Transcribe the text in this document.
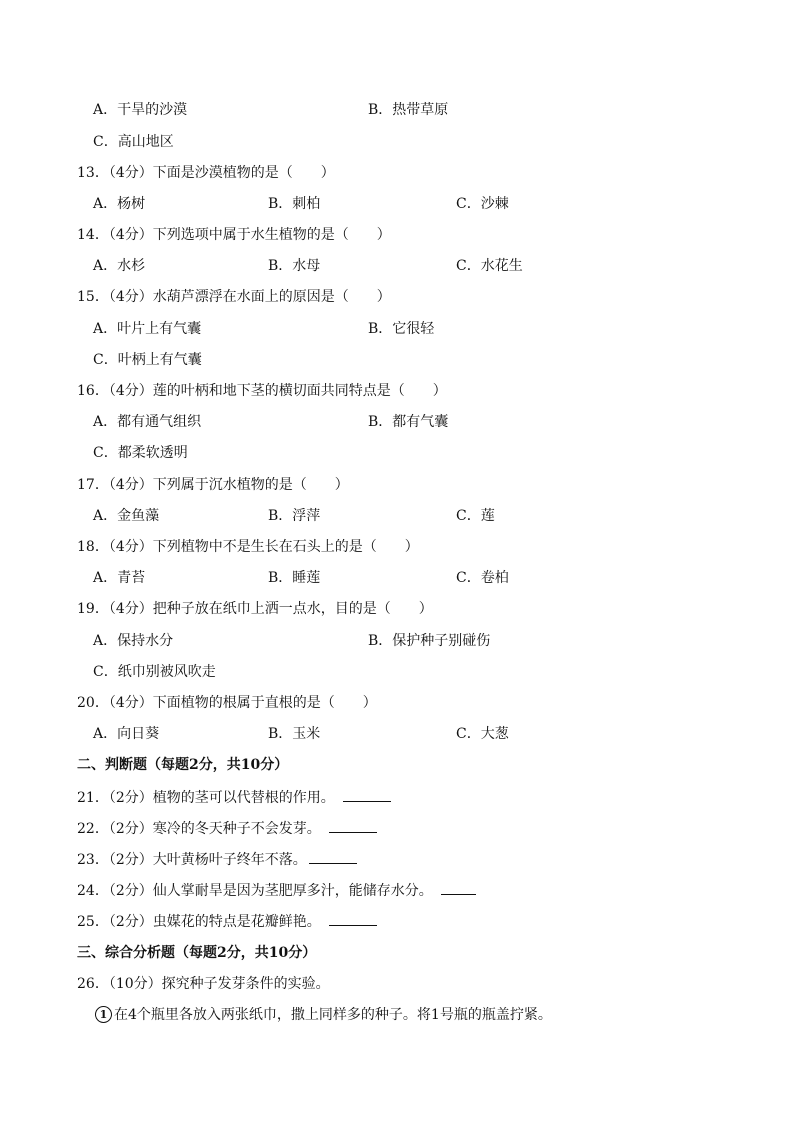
A．干旱的沙漠	B．热带草原
C．高山地区
13．（4分）下面是沙漠植物的是（　　）
A．杨树	B．刺柏	C．沙棘
14．（4分）下列选项中属于水生植物的是（　　）
A．水杉	B．水母	C．水花生
15．（4分）水葫芦漂浮在水面上的原因是（　　）
A．叶片上有气囊	B．它很轻
C．叶柄上有气囊
16．（4分）莲的叶柄和地下茎的横切面共同特点是（　　）
A．都有通气组织	B．都有气囊
C．都柔软透明
17．（4分）下列属于沉水植物的是（　　）
A．金鱼藻	B．浮萍	C．莲
18．（4分）下列植物中不是生长在石头上的是（　　）
A．青苔	B．睡莲	C．卷柏
19．（4分）把种子放在纸巾上洒一点水，目的是（　　）
A．保持水分	B．保护种子别碰伤
C．纸巾别被风吹走
20．（4分）下面植物的根属于直根的是（　　）
A．向日葵	B．玉米	C．大葱
二、判断题（每题2分，共10分）
21．（2分）植物的茎可以代替根的作用。
22．（2分）寒冷的冬天种子不会发芽。
23．（2分）大叶黄杨叶子终年不落。
24．（2分）仙人掌耐旱是因为茎肥厚多汁，能储存水分。
25．（2分）虫媒花的特点是花瓣鲜艳。
三、综合分析题（每题2分，共10分）
26．（10分）探究种子发芽条件的实验。
1 在4个瓶里各放入两张纸巾，撒上同样多的种子。将1号瓶的瓶盖拧紧。
